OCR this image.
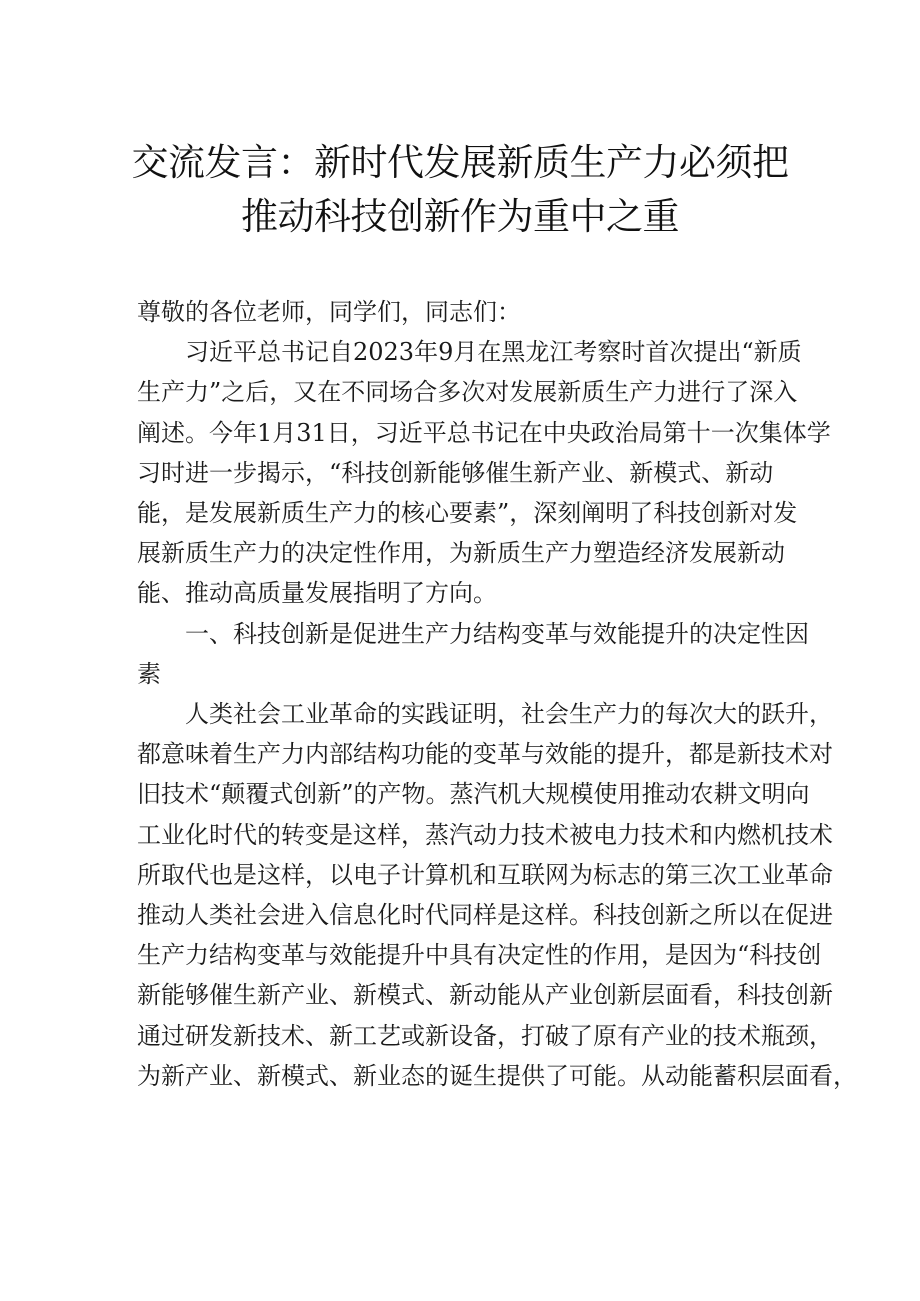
交流发言：新时代发展新质生产力必须把
推动科技创新作为重中之重
尊敬的各位老师，同学们，同志们：
习近平总书记自2023年9月在黑龙江考察时首次提出“新质
生产力”之后，又在不同场合多次对发展新质生产力进行了深入
阐述。今年1月31日，习近平总书记在中央政治局第十一次集体学
习时进一步揭示，“科技创新能够催生新产业、新模式、新动
能，是发展新质生产力的核心要素”，深刻阐明了科技创新对发
展新质生产力的决定性作用，为新质生产力塑造经济发展新动
能、推动高质量发展指明了方向。
一、科技创新是促进生产力结构变革与效能提升的决定性因
素
人类社会工业革命的实践证明，社会生产力的每次大的跃升，
都意味着生产力内部结构功能的变革与效能的提升，都是新技术对
旧技术“颠覆式创新”的产物。蒸汽机大规模使用推动农耕文明向
工业化时代的转变是这样，蒸汽动力技术被电力技术和内燃机技术
所取代也是这样，以电子计算机和互联网为标志的第三次工业革命
推动人类社会进入信息化时代同样是这样。科技创新之所以在促进
生产力结构变革与效能提升中具有决定性的作用，是因为“科技创
新能够催生新产业、新模式、新动能从产业创新层面看，科技创新
通过研发新技术、新工艺或新设备，打破了原有产业的技术瓶颈，
为新产业、新模式、新业态的诞生提供了可能。从动能蓄积层面看，
